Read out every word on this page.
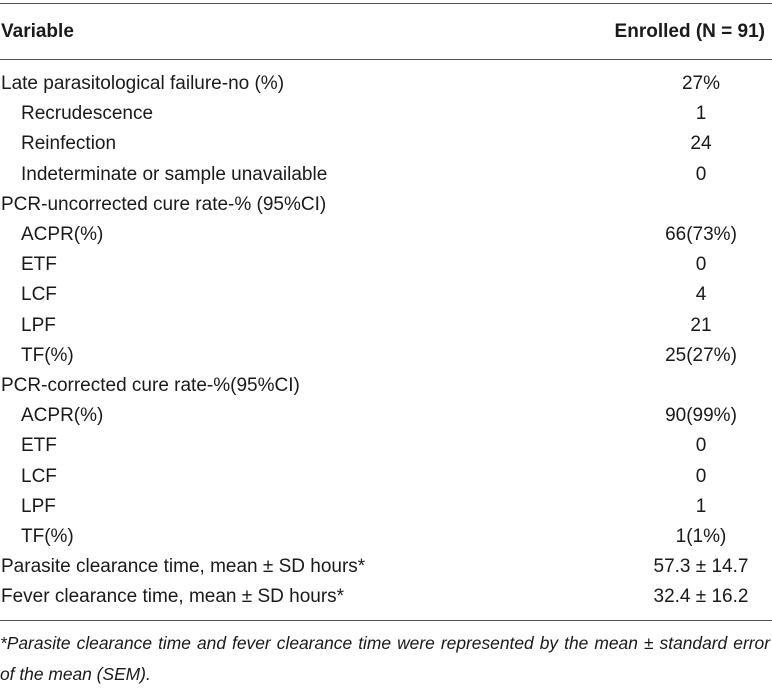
Variable	Enrolled (N = 91)
Late parasitological failure-no (%)	27%
Recrudescence	1
Reinfection	24
Indeterminate or sample unavailable	0
PCR-uncorrected cure rate-% (95%CI)
ACPR(%)	66(73%)
ETF	0
LCF	4
LPF	21
TF(%)	25(27%)
PCR-corrected cure rate-%(95%CI)
ACPR(%)	90(99%)
ETF	0
LCF	0
LPF	1
TF(%)	1(1%)
Parasite clearance time, mean ± SD hours*	57.3 ± 14.7
Fever clearance time, mean ± SD hours*	32.4 ± 16.2
*Parasite clearance time and fever clearance time were represented by the mean ± standard error of the mean (SEM).
